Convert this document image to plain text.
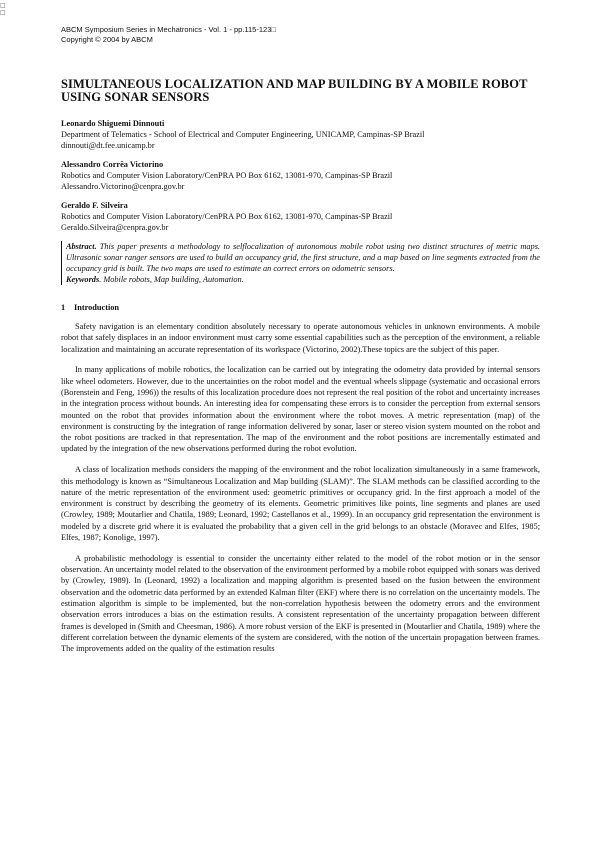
□
□
ABCM Symposium Series in Mechatronics - Vol. 1 - pp.115-123□
Copyright © 2004 by ABCM
SIMULTANEOUS LOCALIZATION AND MAP BUILDING BY A MOBILE ROBOT USING SONAR SENSORS
Leonardo Shiguemi Dinnouti
Department of Telematics - School of Electrical and Computer Engineering, UNICAMP, Campinas-SP Brazil
dinnouti@dt.fee.unicamp.br
Alessandro Corrêa Victorino
Robotics and Computer Vision Laboratory/CenPRA PO Box 6162, 13081-970, Campinas-SP Brazil
Alessandro.Victorino@cenpra.gov.br
Geraldo F. Silveira
Robotics and Computer Vision Laboratory/CenPRA PO Box 6162, 13081-970, Campinas-SP Brazil
Geraldo.Silveira@cenpra.gov.br

Abstract. This paper presents a methodology to selflocalization of autonomous mobile robot using two distinct structures of metric maps. Ultrasonic sonar ranger sensors are used to build an occupancy grid, the first structure, and a map based on line segments extracted from the occupancy grid is built. The two maps are used to estimate an correct errors on odometric sensors.

Keywords. Mobile robots, Map building, Automation.

1 Introduction

Safety navigation is an elementary condition absolutely necessary to operate autonomous vehicles in unknown environments. A mobile robot that safely displaces in an indoor environment must carry some essential capabilities such as the perception of the environment, a reliable localization and maintaining an accurate representation of its workspace (Victorino, 2002).These topics are the subject of this paper.

In many applications of mobile robotics, the localization can be carried out by integrating the odometry data provided by internal sensors like wheel odometers. However, due to the uncertainties on the robot model and the eventual wheels slippage (systematic and occasional errors (Borenstein and Feng, 1996)) the results of this localization procedure does not represent the real position of the robot and uncertainty increases in the integration process without bounds. An interesting idea for compensating these errors is to consider the perception from external sensors mounted on the robot that provides information about the environment where the robot moves. A metric representation (map) of the environment is constructing by the integration of range information delivered by sonar, laser or stereo vision system mounted on the robot and the robot positions are tracked in that representation. The map of the environment and the robot positions are incrementally estimated and updated by the integration of the new observations performed during the robot evolution.

A class of localization methods considers the mapping of the environment and the robot localization simultaneously in a same framework, this methodology is known as “Simultaneous Localization and Map building (SLAM)”. The SLAM methods can be classified according to the nature of the metric representation of the environment used: geometric primitives or occupancy grid. In the first approach a model of the environment is construct by describing the geometry of its elements. Geometric primitives like points, line segments and planes are used (Crowley, 1989; Moutarlier and Chatila, 1989; Leonard, 1992; Castellanos et al., 1999). In an occupancy grid representation the environment is modeled by a discrete grid where it is evaluated the probability that a given cell in the grid belongs to an obstacle (Moravec and Elfes, 1985; Elfes, 1987; Konolige, 1997).

A probabilistic methodology is essential to consider the uncertainty either related to the model of the robot motion or in the sensor observation. An uncertainty model related to the observation of the environment performed by a mobile robot equipped with sonars was derived by (Crowley, 1989). In (Leonard, 1992) a localization and mapping algorithm is presented based on the fusion between the environment observation and the odometric data performed by an extended Kalman filter (EKF) where there is no correlation on the uncertainty models. The estimation algorithm is simple to be implemented, but the non-correlation hypothesis between the odometry errors and the environment observation errors introduces a bias on the estimation results. A consistent representation of the uncertainty propagation between different frames is developed in (Smith and Cheesman, 1986). A more robust version of the EKF is presented in (Moutarlier and Chatila, 1989) where the different correlation between the dynamic elements of the system are considered, with the notion of the uncertain propagation between frames. The improvements added on the quality of the estimation results
